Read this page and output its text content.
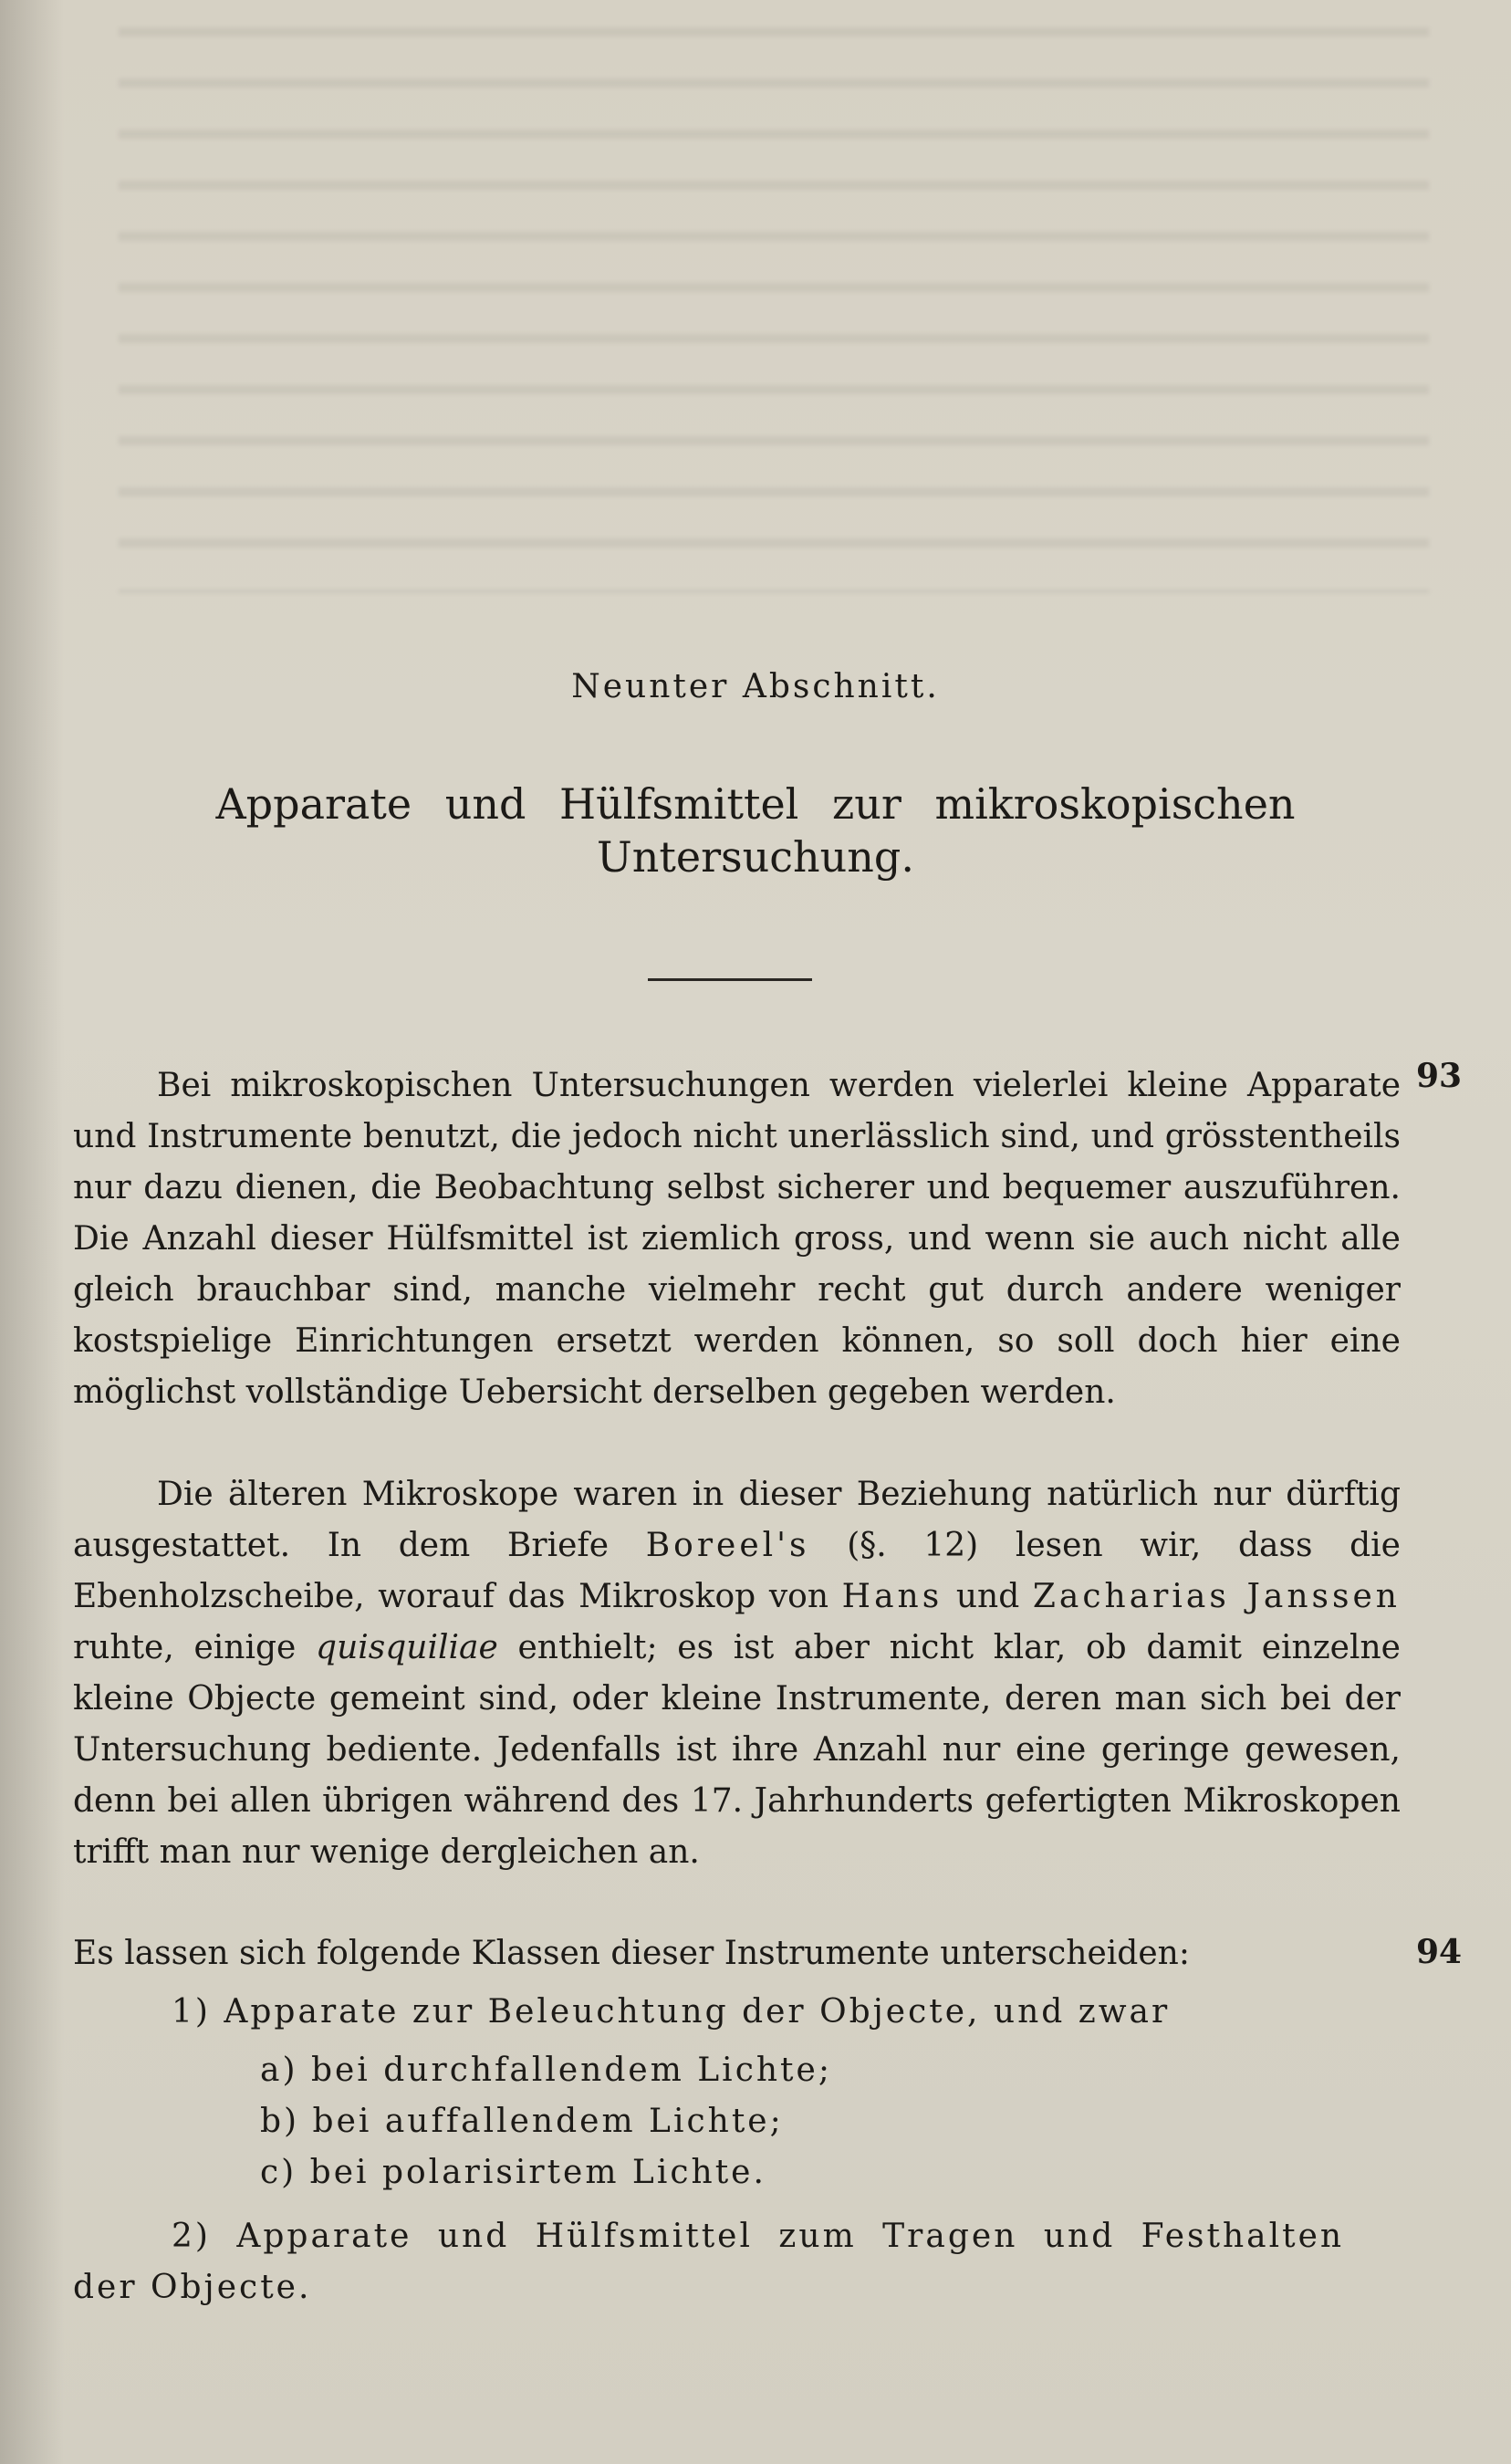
Neunter Abschnitt.
Apparate und Hülfsmittel zur mikroskopischen
Untersuchung.
93

Bei mikroskopischen Untersuchungen werden vielerlei kleine Apparate und Instrumente benutzt, die jedoch nicht unerlässlich sind, und grösstentheils nur dazu dienen, die Beobachtung selbst sicherer und bequemer auszuführen. Die Anzahl dieser Hülfsmittel ist ziemlich gross, und wenn sie auch nicht alle gleich brauchbar sind, manche vielmehr recht gut durch andere weniger kostspielige Einrichtungen ersetzt werden können, so soll doch hier eine möglichst vollständige Uebersicht derselben gegeben werden.

Die älteren Mikroskope waren in dieser Beziehung natürlich nur dürftig ausgestattet. In dem Briefe Boreel's (§. 12) lesen wir, dass die Ebenholzscheibe, worauf das Mikroskop von Hans und Zacharias Janssen ruhte, einige quisquiliae enthielt; es ist aber nicht klar, ob damit einzelne kleine Objecte gemeint sind, oder kleine Instrumente, deren man sich bei der Untersuchung bediente. Jedenfalls ist ihre Anzahl nur eine geringe gewesen, denn bei allen übrigen während des 17. Jahrhunderts gefertigten Mikroskopen trifft man nur wenige dergleichen an.

94

Es lassen sich folgende Klassen dieser Instrumente unterscheiden:

1) Apparate zur Beleuchtung der Objecte, und zwar

a) bei durchfallendem Lichte;

b) bei auffallendem Lichte;

c) bei polarisirtem Lichte.

2) Apparate und Hülfsmittel zum Tragen und Festhalten

der Objecte.
